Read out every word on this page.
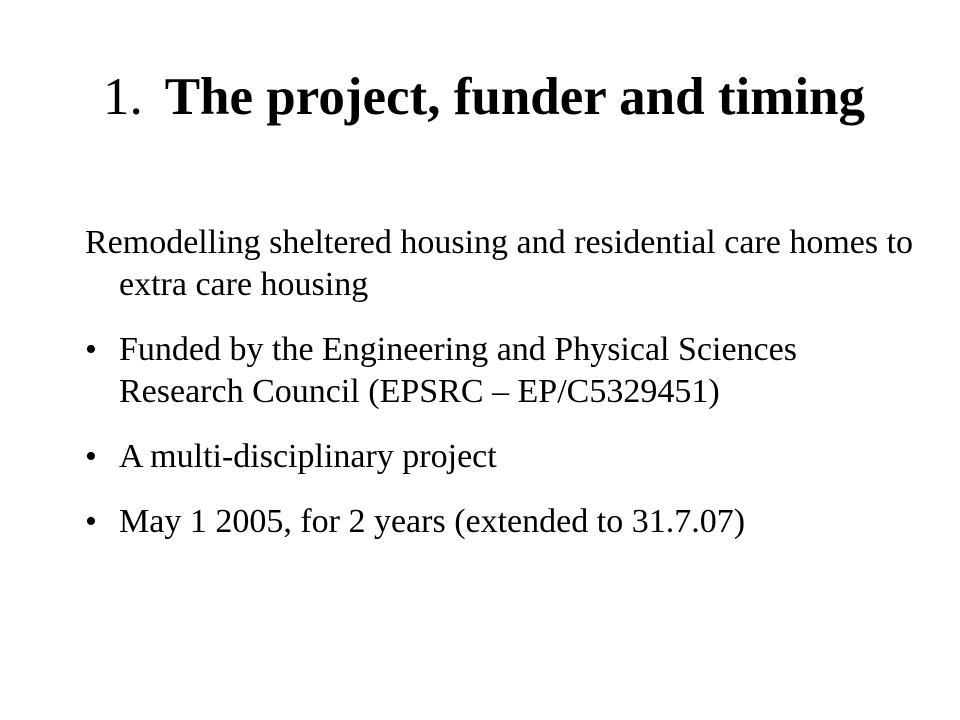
1. The project, funder and timing

Remodelling sheltered housing and residential care homes to extra care housing

• Funded by the Engineering and Physical Sciences Research Council (EPSRC – EP/C5329451)
• A multi-disciplinary project
• May 1 2005, for 2 years (extended to 31.7.07)
